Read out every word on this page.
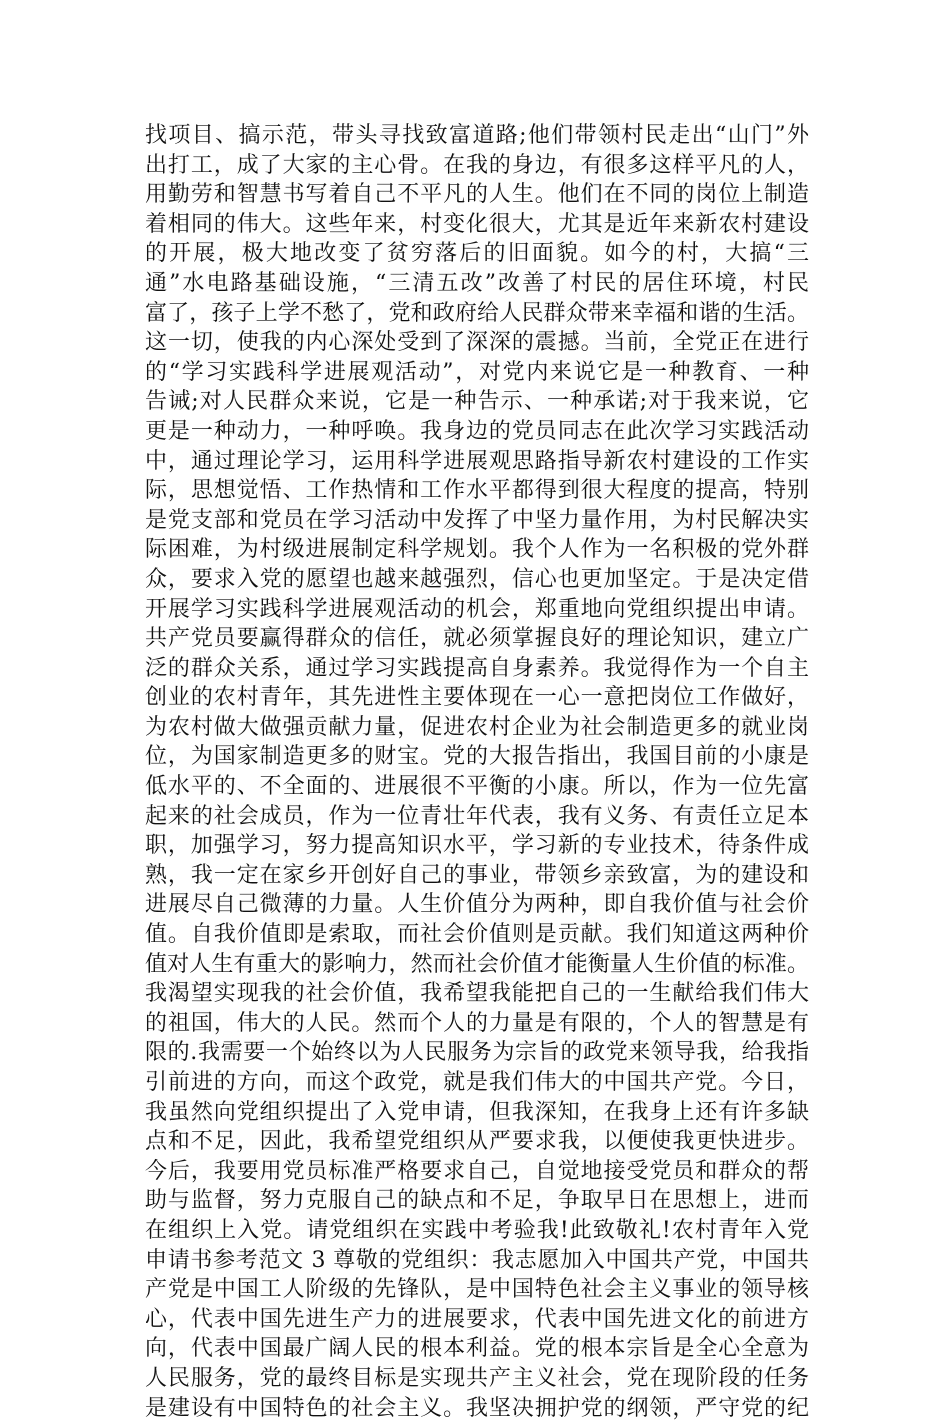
找项目、搞示范，带头寻找致富道路;他们带领村民走出“山门”外
出打工，成了大家的主心骨。在我的身边，有很多这样平凡的人，
用勤劳和智慧书写着自己不平凡的人生。他们在不同的岗位上制造
着相同的伟大。这些年来，村变化很大，尤其是近年来新农村建设
的开展，极大地改变了贫穷落后的旧面貌。如今的村，大搞“三
通”水电路基础设施，“三清五改”改善了村民的居住环境，村民
富了，孩子上学不愁了，党和政府给人民群众带来幸福和谐的生活。
这一切，使我的内心深处受到了深深的震撼。当前，全党正在进行
的“学习实践科学进展观活动”，对党内来说它是一种教育、一种
告诫;对人民群众来说，它是一种告示、一种承诺;对于我来说，它
更是一种动力，一种呼唤。我身边的党员同志在此次学习实践活动
中，通过理论学习，运用科学进展观思路指导新农村建设的工作实
际，思想觉悟、工作热情和工作水平都得到很大程度的提高，特别
是党支部和党员在学习活动中发挥了中坚力量作用，为村民解决实
际困难，为村级进展制定科学规划。我个人作为一名积极的党外群
众，要求入党的愿望也越来越强烈，信心也更加坚定。于是决定借
开展学习实践科学进展观活动的机会，郑重地向党组织提出申请。
共产党员要赢得群众的信任，就必须掌握良好的理论知识，建立广
泛的群众关系，通过学习实践提高自身素养。我觉得作为一个自主
创业的农村青年，其先进性主要体现在一心一意把岗位工作做好，
为农村做大做强贡献力量，促进农村企业为社会制造更多的就业岗
位，为国家制造更多的财宝。党的大报告指出，我国目前的小康是
低水平的、不全面的、进展很不平衡的小康。所以，作为一位先富
起来的社会成员，作为一位青壮年代表，我有义务、有责任立足本
职，加强学习，努力提高知识水平，学习新的专业技术，待条件成
熟，我一定在家乡开创好自己的事业，带领乡亲致富，为的建设和
进展尽自己微薄的力量。人生价值分为两种，即自我价值与社会价
值。自我价值即是索取，而社会价值则是贡献。我们知道这两种价
值对人生有重大的影响力，然而社会价值才能衡量人生价值的标准。
我渴望实现我的社会价值，我希望我能把自己的一生献给我们伟大
的祖国，伟大的人民。然而个人的力量是有限的，个人的智慧是有
限的.我需要一个始终以为人民服务为宗旨的政党来领导我，给我指
引前进的方向，而这个政党，就是我们伟大的中国共产党。今日，
我虽然向党组织提出了入党申请，但我深知，在我身上还有许多缺
点和不足，因此，我希望党组织从严要求我，以便使我更快进步。
今后，我要用党员标准严格要求自己，自觉地接受党员和群众的帮
助与监督，努力克服自己的缺点和不足，争取早日在思想上，进而
在组织上入党。请党组织在实践中考验我!此致敬礼!农村青年入党
申请书参考范文 3 尊敬的党组织：我志愿加入中国共产党，中国共
产党是中国工人阶级的先锋队，是中国特色社会主义事业的领导核
心，代表中国先进生产力的进展要求，代表中国先进文化的前进方
向，代表中国最广阔人民的根本利益。党的根本宗旨是全心全意为
人民服务，党的最终目标是实现共产主义社会，党在现阶段的任务
是建设有中国特色的社会主义。我坚决拥护党的纲领，严守党的纪
